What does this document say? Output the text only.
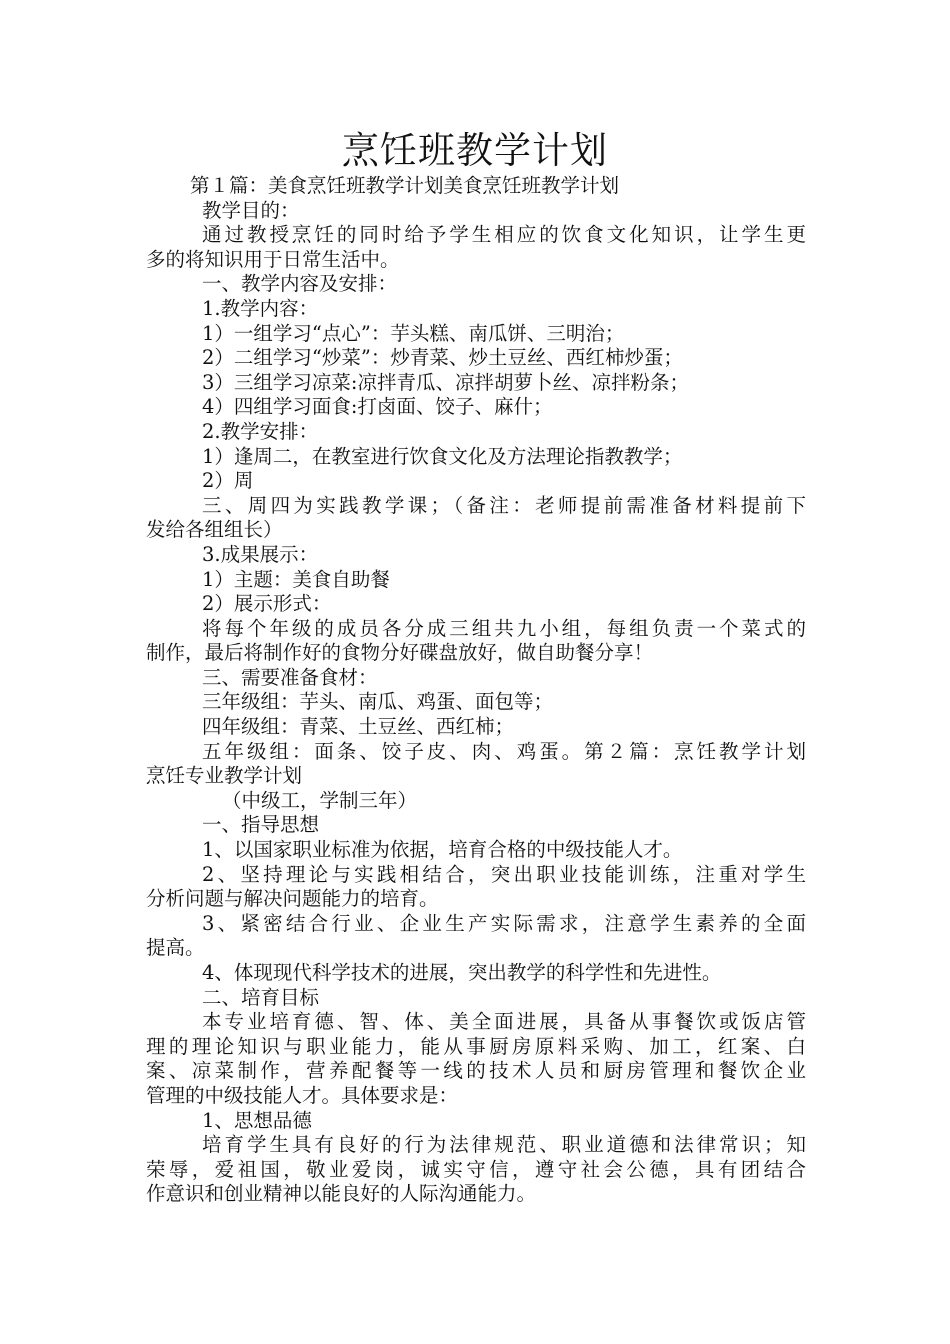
烹饪班教学计划
第１篇：美食烹饪班教学计划美食烹饪班教学计划
教学目的：
通过教授烹饪的同时给予学生相应的饮食文化知识，让学生更
多的将知识用于日常生活中。
一、教学内容及安排：
1.教学内容：
1）一组学习“点心”：芋头糕、南瓜饼、三明治；
2）二组学习“炒菜”：炒青菜、炒土豆丝、西红柿炒蛋；
3）三组学习凉菜:凉拌青瓜、凉拌胡萝卜丝、凉拌粉条；
4）四组学习面食:打卤面、饺子、麻什；
2.教学安排：
1）逢周二，在教室进行饮食文化及方法理论指教教学；
2）周
三、周四为实践教学课；（备注：老师提前需准备材料提前下
发给各组组长）
3.成果展示：
1）主题：美食自助餐
2）展示形式：
将每个年级的成员各分成三组共九小组，每组负责一个菜式的
制作，最后将制作好的食物分好碟盘放好，做自助餐分享！
三、需要准备食材：
三年级组：芋头、南瓜、鸡蛋、面包等；
四年级组：青菜、土豆丝、西红柿；
五年级组：面条、饺子皮、肉、鸡蛋。第２篇：烹饪教学计划
烹饪专业教学计划
（中级工，学制三年）
一、指导思想
1、以国家职业标准为依据，培育合格的中级技能人才。
2、坚持理论与实践相结合，突出职业技能训练，注重对学生
分析问题与解决问题能力的培育。
3、紧密结合行业、企业生产实际需求，注意学生素养的全面
提高。
4、体现现代科学技术的进展，突出教学的科学性和先进性。
二、培育目标
本专业培育德、智、体、美全面进展，具备从事餐饮或饭店管
理的理论知识与职业能力，能从事厨房原料采购、加工，红案、白
案、凉菜制作，营养配餐等一线的技术人员和厨房管理和餐饮企业
管理的中级技能人才。具体要求是：
1、思想品德
培育学生具有良好的行为法律规范、职业道德和法律常识；知
荣辱，爱祖国，敬业爱岗，诚实守信，遵守社会公德，具有团结合
作意识和创业精神以能良好的人际沟通能力。
